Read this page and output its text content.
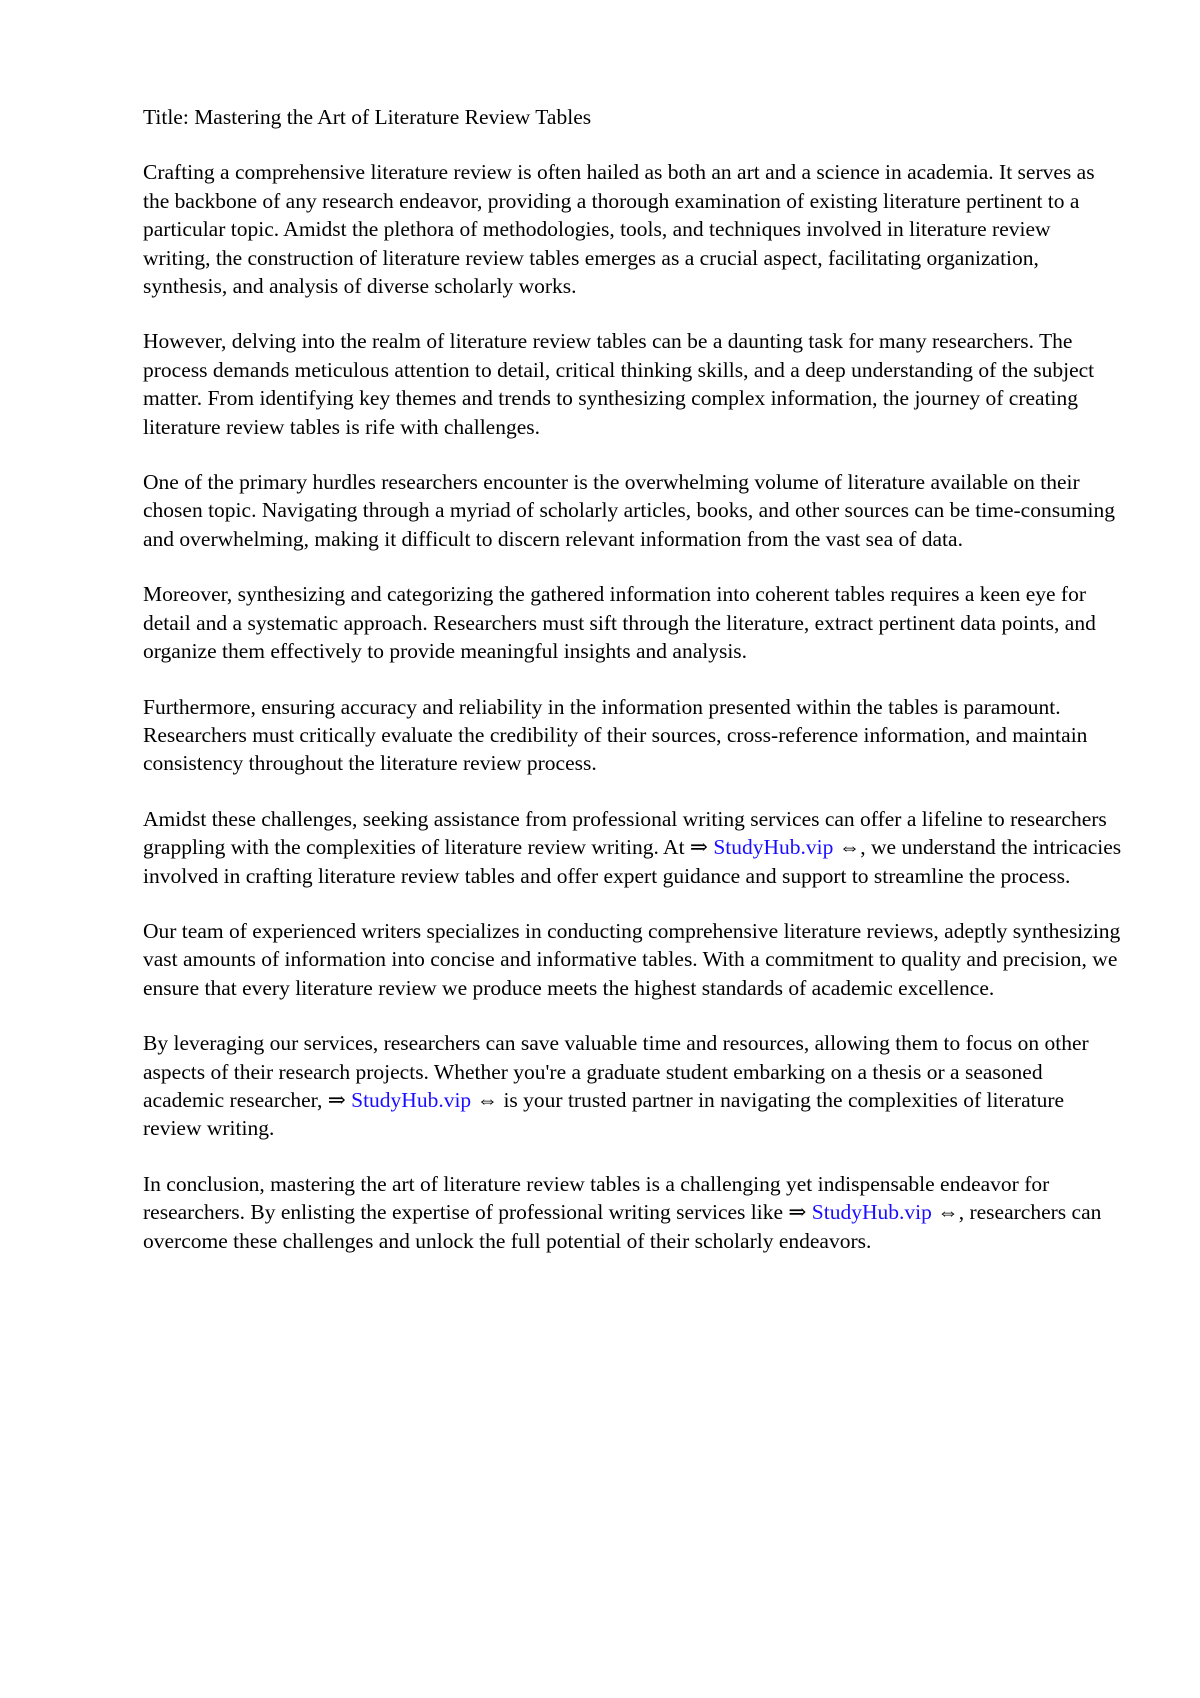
Title: Mastering the Art of Literature Review Tables

Crafting a comprehensive literature review is often hailed as both an art and a science in academia. It serves as the backbone of any research endeavor, providing a thorough examination of existing literature pertinent to a particular topic. Amidst the plethora of methodologies, tools, and techniques involved in literature review writing, the construction of literature review tables emerges as a crucial aspect, facilitating organization, synthesis, and analysis of diverse scholarly works.

However, delving into the realm of literature review tables can be a daunting task for many researchers. The process demands meticulous attention to detail, critical thinking skills, and a deep understanding of the subject matter. From identifying key themes and trends to synthesizing complex information, the journey of creating literature review tables is rife with challenges.

One of the primary hurdles researchers encounter is the overwhelming volume of literature available on their chosen topic. Navigating through a myriad of scholarly articles, books, and other sources can be time-consuming and overwhelming, making it difficult to discern relevant information from the vast sea of data.

Moreover, synthesizing and categorizing the gathered information into coherent tables requires a keen eye for detail and a systematic approach. Researchers must sift through the literature, extract pertinent data points, and organize them effectively to provide meaningful insights and analysis.

Furthermore, ensuring accuracy and reliability in the information presented within the tables is paramount. Researchers must critically evaluate the credibility of their sources, cross-reference information, and maintain consistency throughout the literature review process.

Amidst these challenges, seeking assistance from professional writing services can offer a lifeline to researchers grappling with the complexities of literature review writing. At ⇒ StudyHub.vip ⇔, we understand the intricacies involved in crafting literature review tables and offer expert guidance and support to streamline the process.

Our team of experienced writers specializes in conducting comprehensive literature reviews, adeptly synthesizing vast amounts of information into concise and informative tables. With a commitment to quality and precision, we ensure that every literature review we produce meets the highest standards of academic excellence.

By leveraging our services, researchers can save valuable time and resources, allowing them to focus on other aspects of their research projects. Whether you're a graduate student embarking on a thesis or a seasoned academic researcher, ⇒ StudyHub.vip ⇔ is your trusted partner in navigating the complexities of literature review writing.

In conclusion, mastering the art of literature review tables is a challenging yet indispensable endeavor for researchers. By enlisting the expertise of professional writing services like ⇒ StudyHub.vip ⇔, researchers can overcome these challenges and unlock the full potential of their scholarly endeavors.
